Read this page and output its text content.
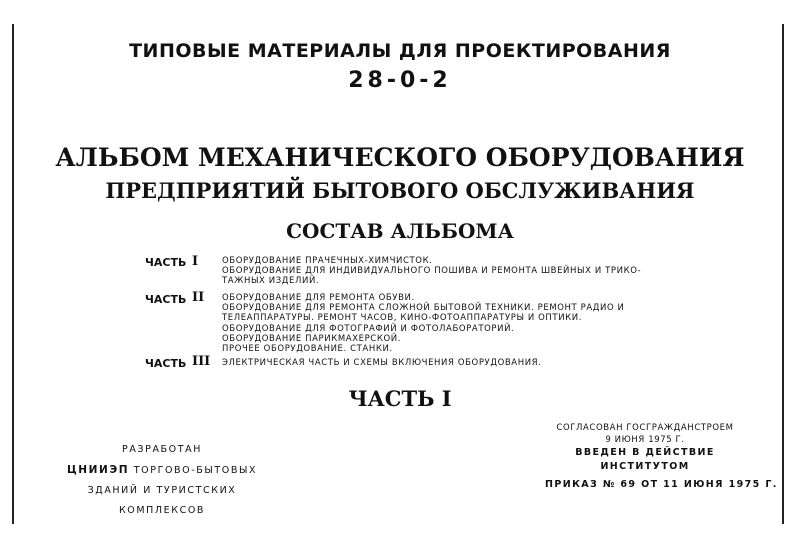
ТИПОВЫЕ МАТЕРИАЛЫ ДЛЯ ПРОЕКТИРОВАНИЯ
28-0-2
АЛЬБОМ МЕХАНИЧЕСКОГО ОБОРУДОВАНИЯ
ПРЕДПРИЯТИЙ БЫТОВОГО ОБСЛУЖИВАНИЯ
СОСТАВ АЛЬБОМА
ЧАСТЬ I	ОБОРУДОВАНИЕ ПРАЧЕЧНЫХ-ХИМЧИСТОК.
ОБОРУДОВАНИЕ ДЛЯ ИНДИВИДУАЛЬНОГО ПОШИВА И РЕМОНТА ШВЕЙНЫХ И ТРИКО-
ТАЖНЫХ ИЗДЕЛИЙ.
ЧАСТЬ II ОБОРУДОВАНИЕ ДЛЯ РЕМОНТА ОБУВИ.
ОБОРУДОВАНИЕ ДЛЯ РЕМОНТА СЛОЖНОЙ БЫТОВОЙ ТЕХНИКИ. РЕМОНТ РАДИО И
ТЕЛЕАППАРАТУРЫ. РЕМОНТ ЧАСОВ, КИНО-ФОТОАППАРАТУРЫ И ОПТИКИ.
ОБОРУДОВАНИЕ ДЛЯ ФОТОГРАФИЙ И ФОТОЛАБОРАТОРИЙ.
ОБОРУДОВАНИЕ ПАРИКМАХЕРСКОЙ.
ПРОЧЕЕ ОБОРУДОВАНИЕ. СТАНКИ.
ЧАСТЬ III ЭЛЕКТРИЧЕСКАЯ ЧАСТЬ И СХЕМЫ ВКЛЮЧЕНИЯ ОБОРУДОВАНИЯ.
ЧАСТЬ I
РАЗРАБОТАН
ЦНИИЭП ТОРГОВО-БЫТОВЫХ
ЗДАНИЙ И ТУРИСТСКИХ
КОМПЛЕКСОВ
СОГЛАСОВАН ГОСГРАЖДАНСТРОЕМ
9 ИЮНЯ 1975 Г.
ВВЕДЕН В ДЕЙСТВИЕ
ИНСТИТУТОМ
ПРИКАЗ № 69 ОТ 11 ИЮНЯ 1975 Г.
